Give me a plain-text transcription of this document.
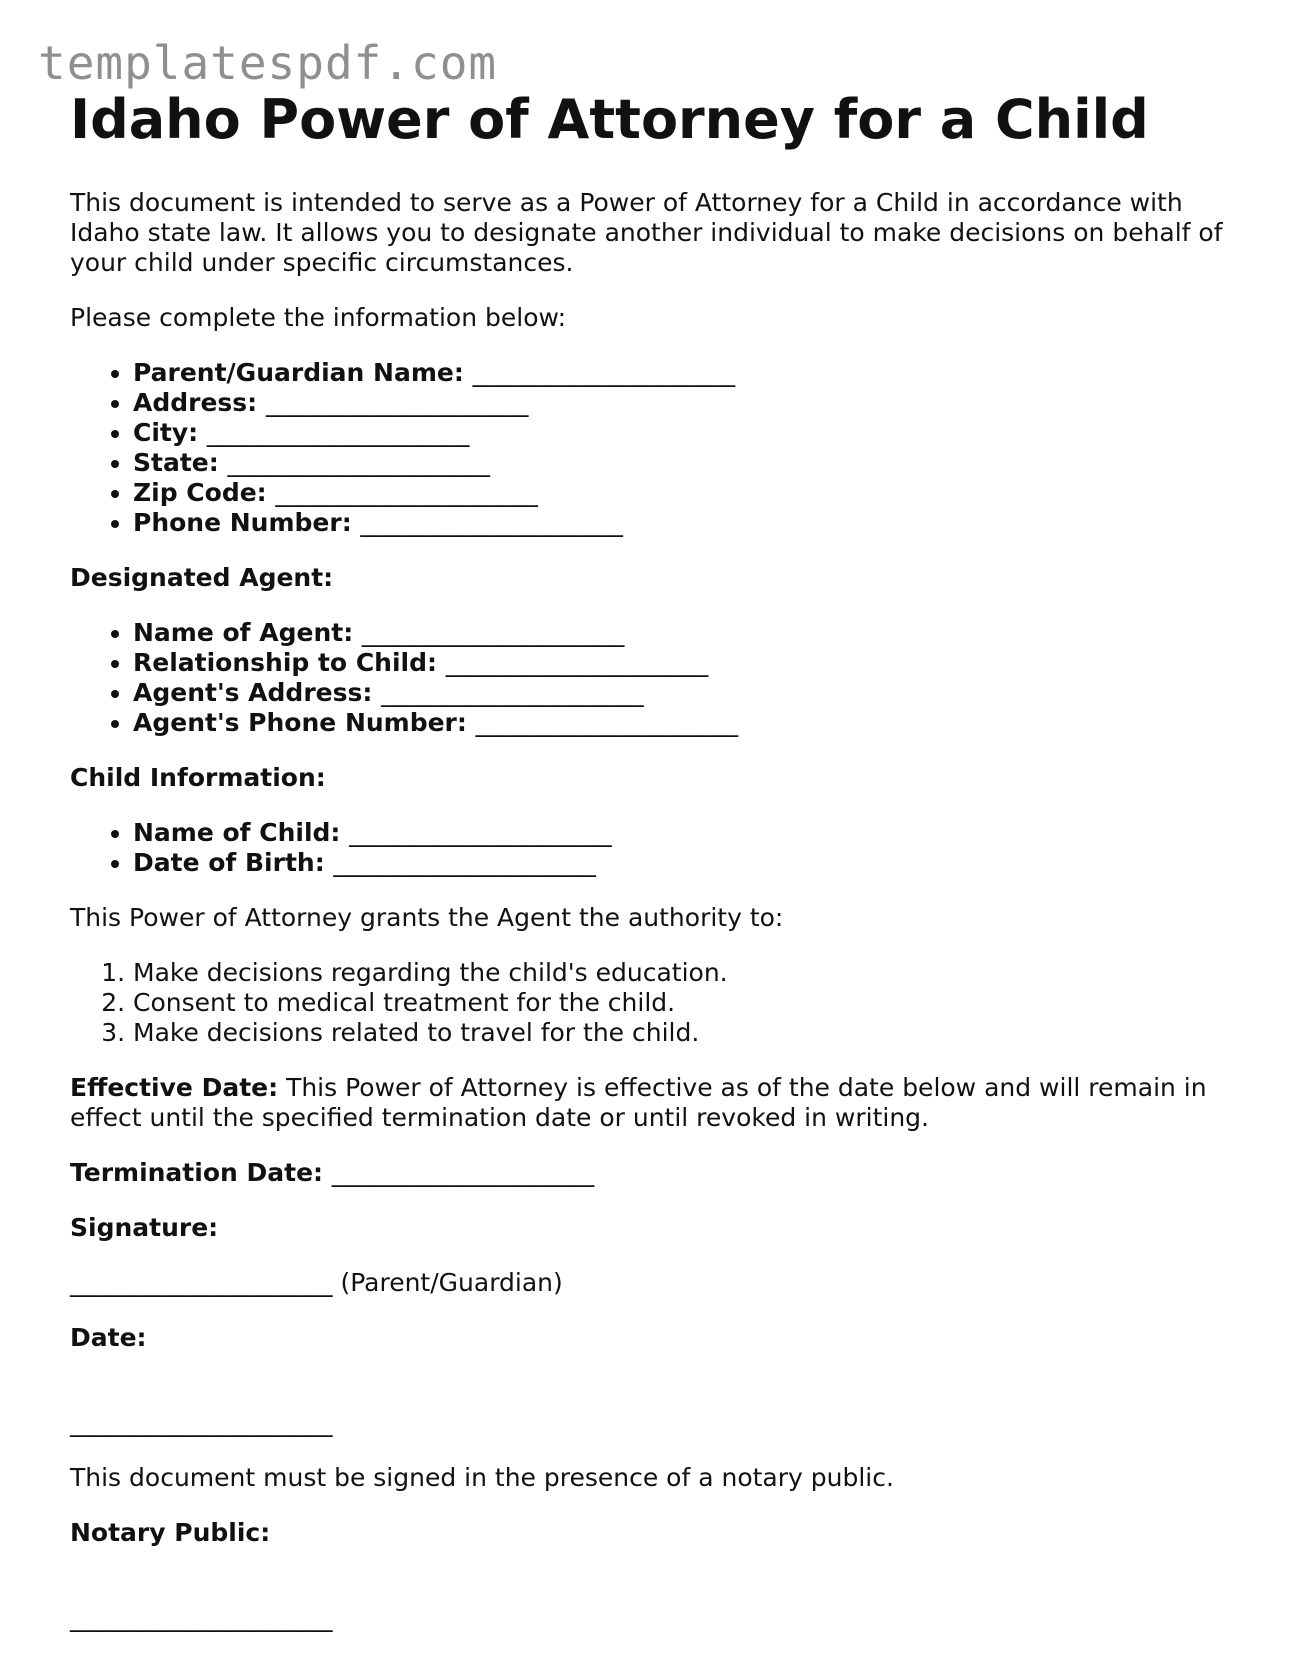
templatespdf.com
Idaho Power of Attorney for a Child

This document is intended to serve as a Power of Attorney for a Child in accordance with Idaho state law. It allows you to designate another individual to make decisions on behalf of your child under specific circumstances.

Please complete the information below:

• Parent/Guardian Name: _____________________
• Address: _____________________
• City: _____________________
• State: _____________________
• Zip Code: _____________________
• Phone Number: _____________________

Designated Agent:

• Name of Agent: _____________________
• Relationship to Child: _____________________
• Agent's Address: _____________________
• Agent's Phone Number: _____________________

Child Information:

• Name of Child: _____________________
• Date of Birth: _____________________

This Power of Attorney grants the Agent the authority to:

1. Make decisions regarding the child's education.
2. Consent to medical treatment for the child.
3. Make decisions related to travel for the child.

Effective Date: This Power of Attorney is effective as of the date below and will remain in effect until the specified termination date or until revoked in writing.

Termination Date: _____________________

Signature:

_____________________ (Parent/Guardian)

Date:

_____________________

This document must be signed in the presence of a notary public.

Notary Public:

_____________________
